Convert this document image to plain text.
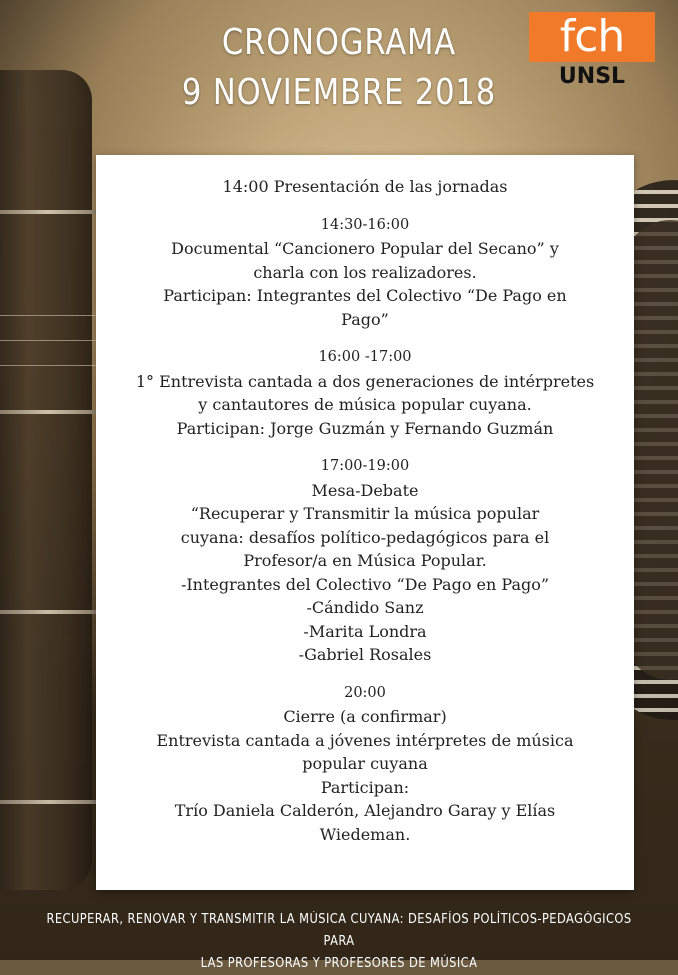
CRONOGRAMA
9 NOVIEMBRE 2018
fch
UNSL
14:00 Presentación de las jornadas
14:30-16:00
Documental “Cancionero Popular del Secano” y
charla con los realizadores.
Participan: Integrantes del Colectivo “De Pago en
Pago”
16:00 -17:00
1° Entrevista cantada a dos generaciones de intérpretes
y cantautores de música popular cuyana.
Participan: Jorge Guzmán y Fernando Guzmán
17:00-19:00
Mesa-Debate
“Recuperar y Transmitir la música popular
cuyana: desafíos político-pedagógicos para el
Profesor/a en Música Popular.
-Integrantes del Colectivo “De Pago en Pago”
-Cándido Sanz
-Marita Londra
-Gabriel Rosales
20:00
Cierre (a confirmar)
Entrevista cantada a jóvenes intérpretes de música
popular cuyana
Participan:
Trío Daniela Calderón, Alejandro Garay y Elías
Wiedeman.
RECUPERAR, RENOVAR Y TRANSMITIR LA MÚSICA CUYANA: DESAFÍOS POLÍTICOS-PEDAGÓGICOS PARA
LAS PROFESORAS Y PROFESORES DE MÚSICA
